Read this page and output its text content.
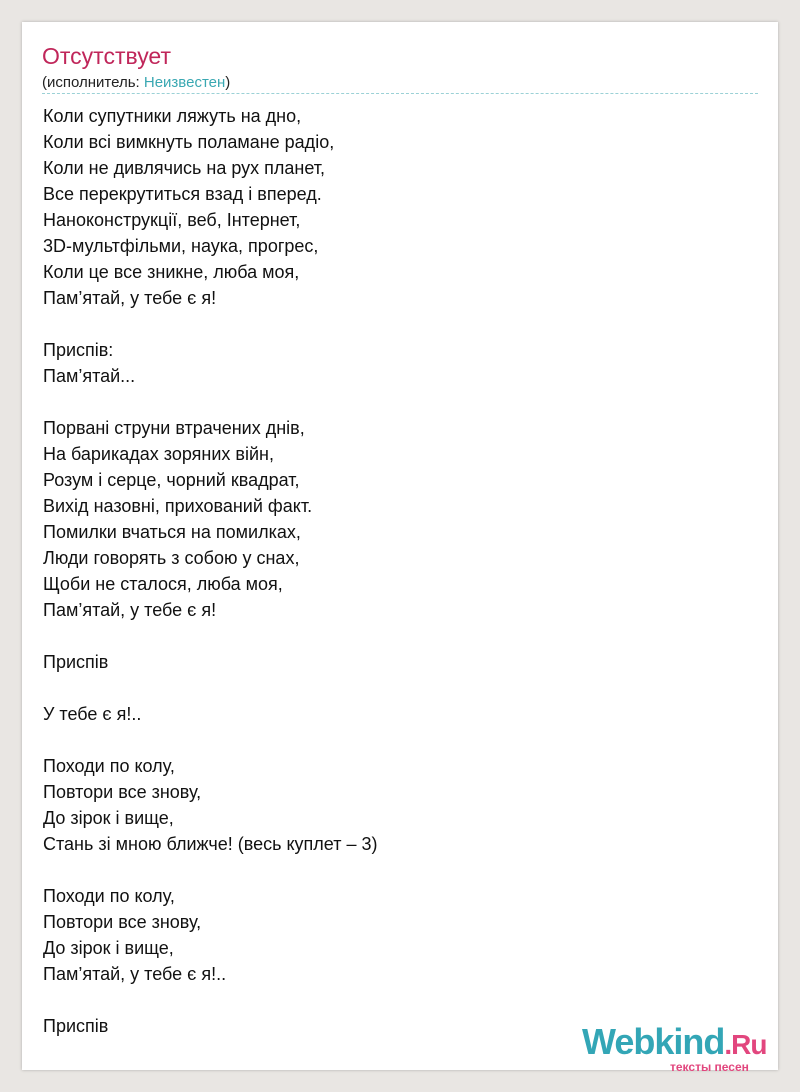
Отсутствует
(исполнитель: Неизвестен)
Коли супутники ляжуть на дно,
Коли всі вимкнуть поламане радіо,
Коли не дивлячись на рух планет,
Все перекрутиться взад і вперед.
Наноконструкції, веб, Інтернет,
3D-мультфільми, наука, прогрес,
Коли це все зникне, люба моя,
Пам’ятай, у тебе є я!
Приспів:
Пам’ятай...
Порвані струни втрачених днів,
На барикадах зоряних війн,
Розум і серце, чорний квадрат,
Вихід назовні, прихований факт.
Помилки вчаться на помилках,
Люди говорять з собою у снах,
Щоби не сталося, люба моя,
Пам’ятай, у тебе є я!
Приспів
У тебе є я!..
Походи по колу,
Повтори все знову,
До зірок і вище,
Стань зі мною ближче! (весь куплет – 3)
Походи по колу,
Повтори все знову,
До зірок і вище,
Пам’ятай, у тебе є я!..
Приспів	Webkind.Ru
тексты песен
